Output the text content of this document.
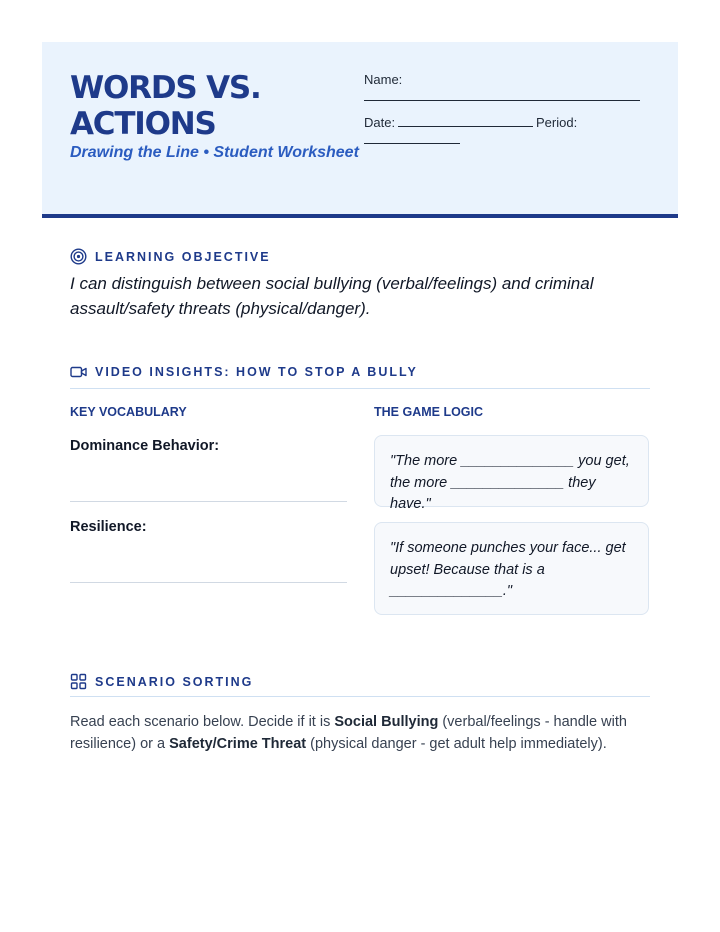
WORDS VS. ACTIONS
Drawing the Line • Student Worksheet
Name:
Date:	Period:
LEARNING OBJECTIVE
I can distinguish between social bullying (verbal/feelings) and criminal assault/safety threats (physical/danger).
VIDEO INSIGHTS: HOW TO STOP A BULLY
KEY VOCABULARY	THE GAME LOGIC
Dominance Behavior:
Resilience:
"The more ______________ you get, the more ______________ they have."
"If someone punches your face... get upset! Because that is a ______________."
SCENARIO SORTING

Read each scenario below. Decide if it is Social Bullying (verbal/feelings - handle with resilience) or a Safety/Crime Threat (physical danger - get adult help immediately).
